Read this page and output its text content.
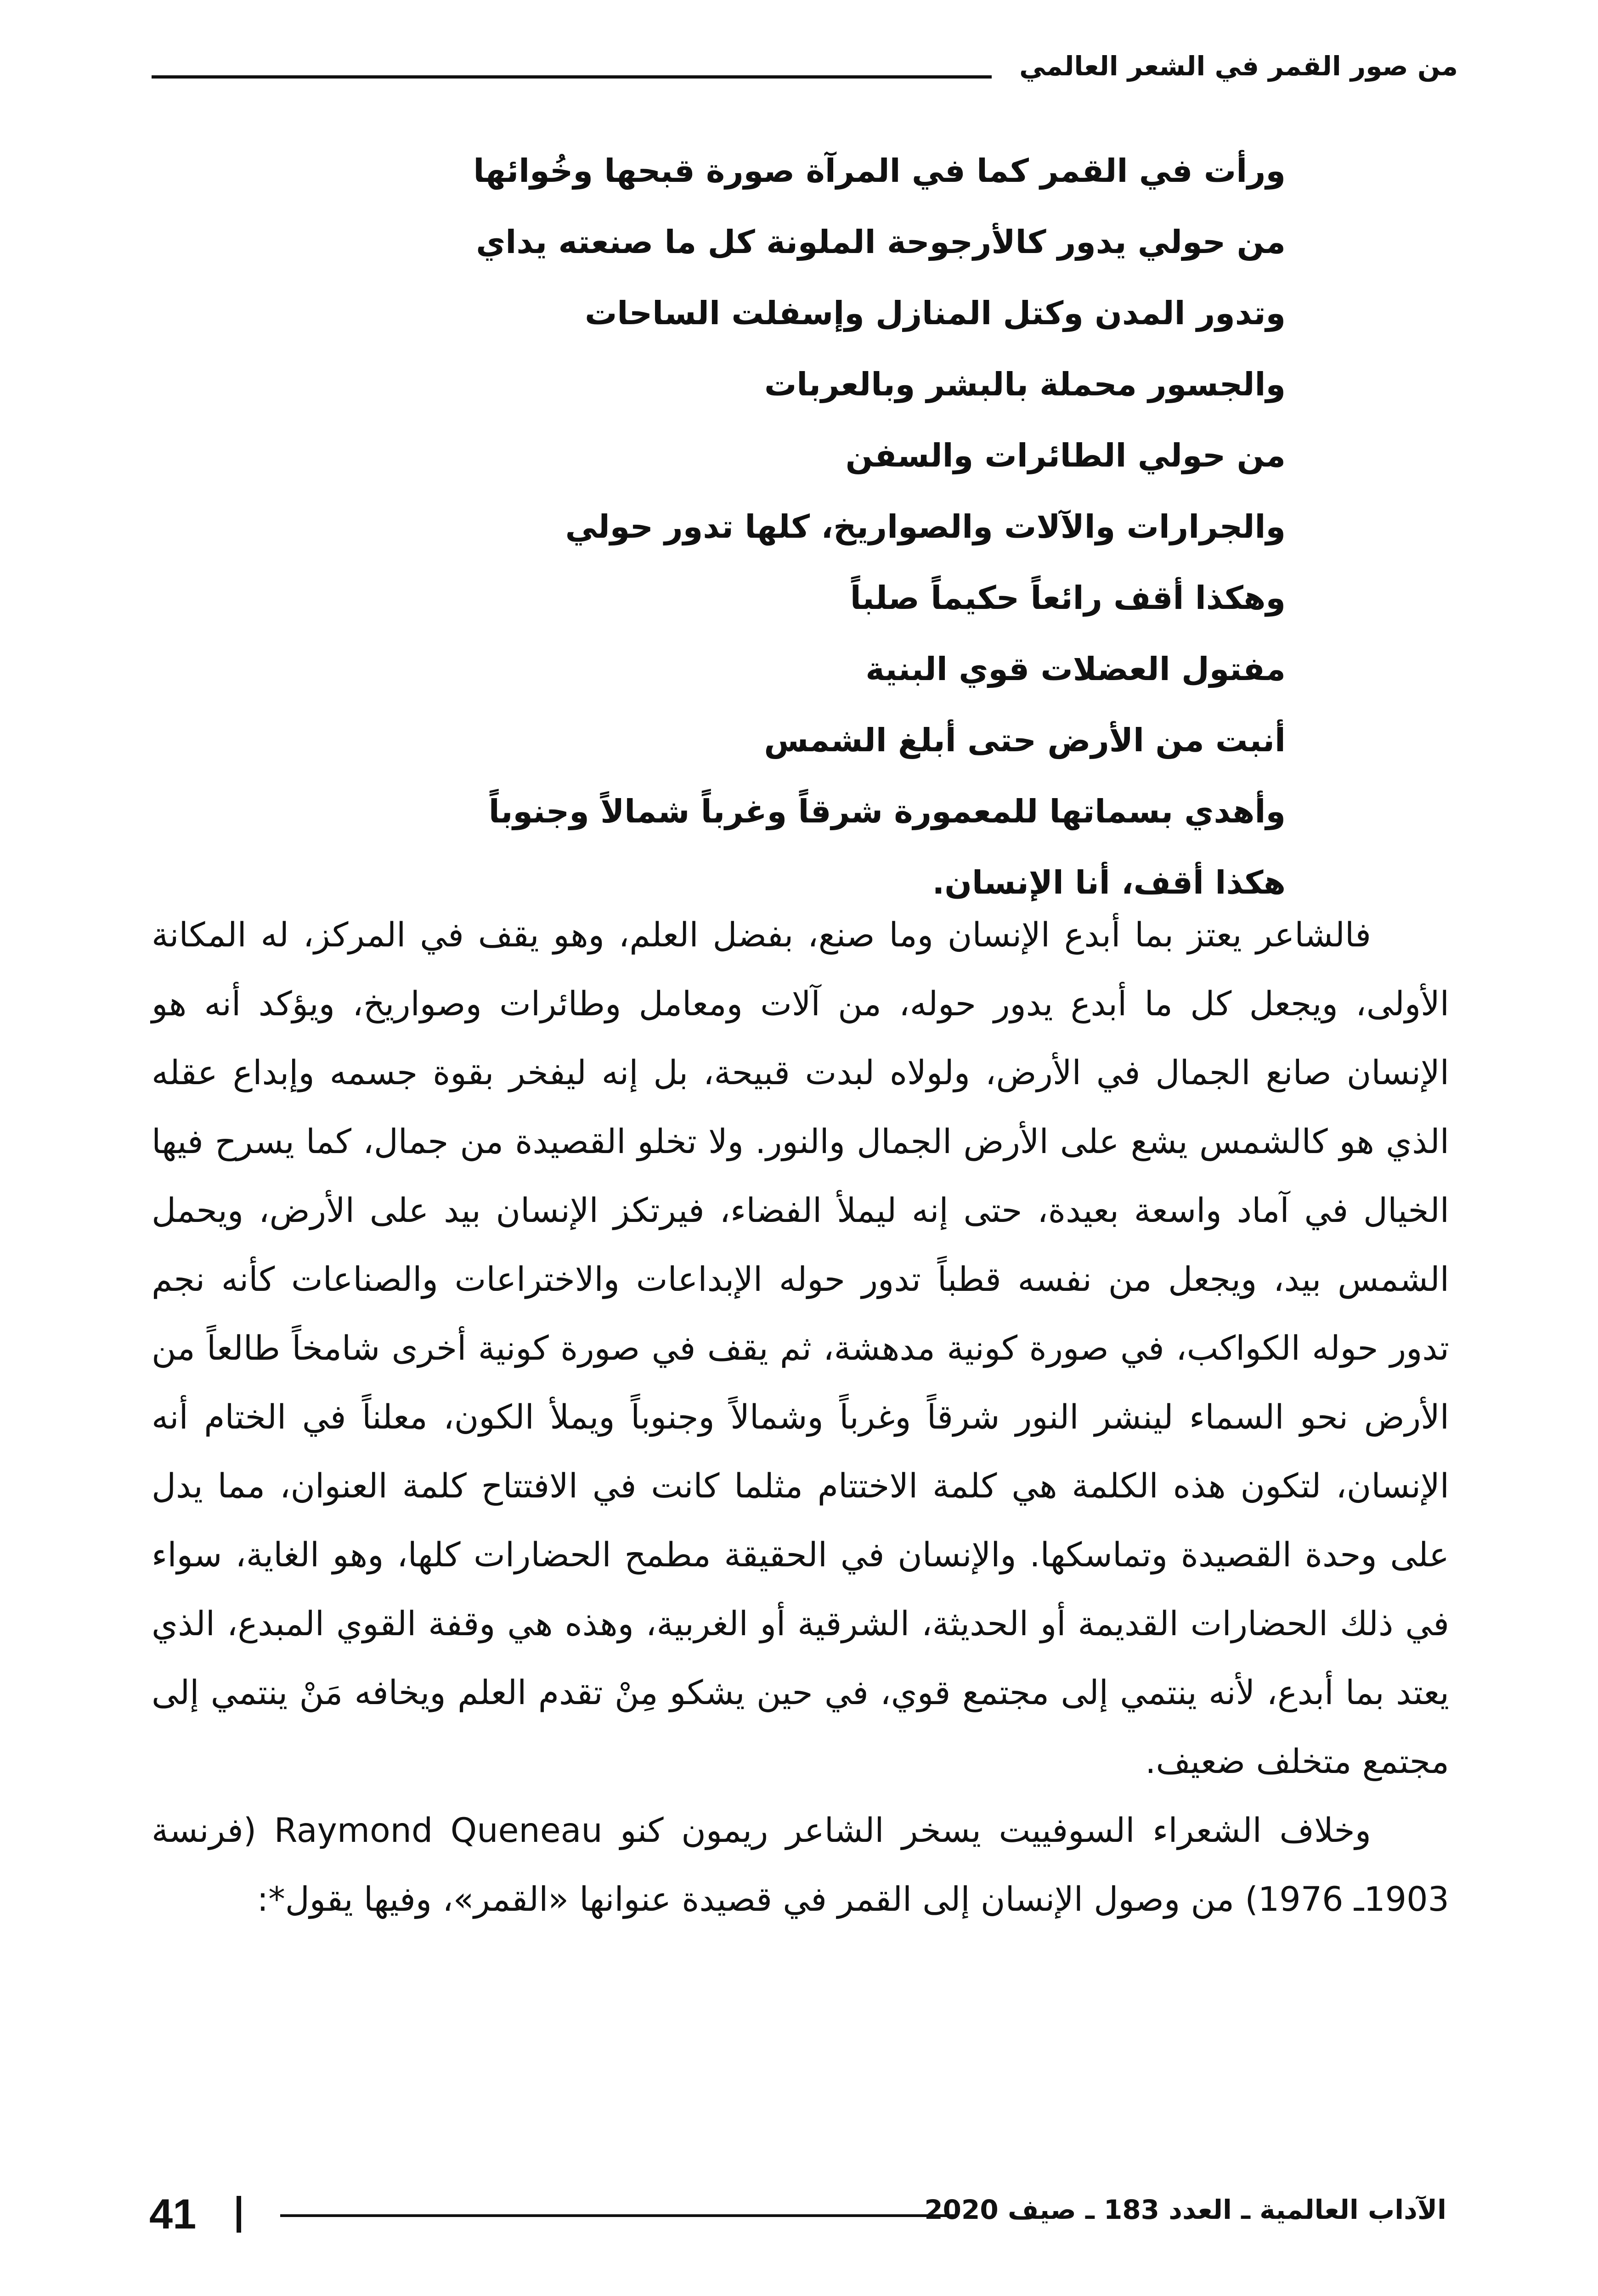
من صور القمر في الشعر العالمي
ورأت في القمر كما في المرآة صورة قبحها وخُوائها
من حولي يدور كالأرجوحة الملونة كل ما صنعته يداي
وتدور المدن وكتل المنازل وإسفلت الساحات
والجسور محملة بالبشر وبالعربات
من حولي الطائرات والسفن
والجرارات والآلات والصواريخ، كلها تدور حولي
وهكذا أقف رائعاً حكيماً صلباً
مفتول العضلات قوي البنية
أنبت من الأرض حتى أبلغ الشمس
وأهدي بسماتها للمعمورة شرقاً وغرباً شمالاً وجنوباً
هكذا أقف، أنا الإنسان.

فالشاعر يعتز بما أبدع الإنسان وما صنع، بفضل العلم، وهو يقف في المركز، له المكانة الأولى، ويجعل كل ما أبدع يدور حوله، من آلات ومعامل وطائرات وصواريخ، ويؤكد أنه هو الإنسان صانع الجمال في الأرض، ولولاه لبدت قبيحة، بل إنه ليفخر بقوة جسمه وإبداع عقله الذي هو كالشمس يشع على الأرض الجمال والنور. ولا تخلو القصيدة من جمال، كما يسرح فيها الخيال في آماد واسعة بعيدة، حتى إنه ليملأ الفضاء، فيرتكز الإنسان بيد على الأرض، ويحمل الشمس بيد، ويجعل من نفسه قطباً تدور حوله الإبداعات والاختراعات والصناعات كأنه نجم تدور حوله الكواكب، في صورة كونية مدهشة، ثم يقف في صورة كونية أخرى شامخاً طالعاً من الأرض نحو السماء لينشر النور شرقاً وغرباً وشمالاً وجنوباً ويملأ الكون، معلناً في الختام أنه الإنسان، لتكون هذه الكلمة هي كلمة الاختتام مثلما كانت في الافتتاح كلمة العنوان، مما يدل على وحدة القصيدة وتماسكها. والإنسان في الحقيقة مطمح الحضارات كلها، وهو الغاية، سواء في ذلك الحضارات القديمة أو الحديثة، الشرقية أو الغربية، وهذه هي وقفة القوي المبدع، الذي يعتد بما أبدع، لأنه ينتمي إلى مجتمع قوي، في حين يشكو مِنْ تقدم العلم ويخافه مَنْ ينتمي إلى مجتمع متخلف ضعيف.

وخلاف الشعراء السوفييت يسخر الشاعر ريمون كنو Raymond Queneau (فرنسة 1903ـ 1976) من وصول الإنسان إلى القمر في قصيدة عنوانها «القمر»، وفيها يقول*:

41	الآداب العالمية ـ العدد 183 ـ صيف 2020
